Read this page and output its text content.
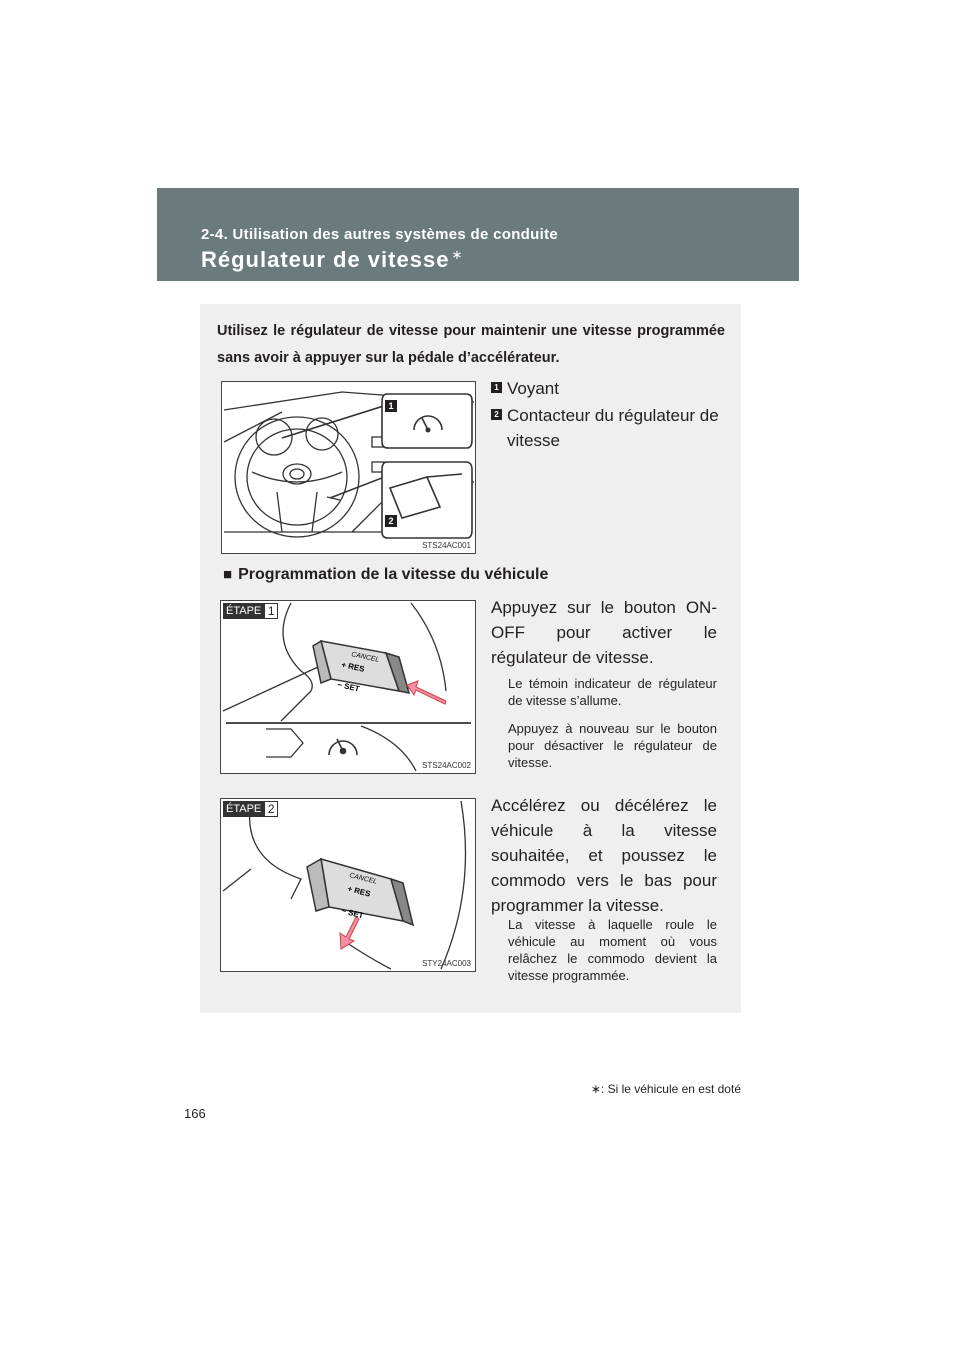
2-4. Utilisation des autres systèmes de conduite
Régulateur de vitesse ∗
Utilisez le régulateur de vitesse pour maintenir une vitesse programmée sans avoir à appuyer sur la pédale d’accélérateur.
1
2
STS24AC001
1 Voyant
2 Contacteur du régulateur de vitesse
■ Programmation de la vitesse du véhicule
CANCEL
+ RES
− SET
ÉTAPE 1
STS24AC002
Appuyez sur le bouton ON-OFF pour activer le régulateur de vitesse.
Le témoin indicateur de régulateur de vitesse s’allume.
Appuyez à nouveau sur le bouton pour désactiver le régulateur de vitesse.
CANCEL
+ RES
− SET
ÉTAPE 2
STY24AC003
Accélérez ou décélérez le véhicule à la vitesse souhaitée, et poussez le commodo vers le bas pour programmer la vitesse.
La vitesse à laquelle roule le véhicule au moment où vous relâchez le commodo devient la vitesse programmée.
∗: Si le véhicule en est doté
166
